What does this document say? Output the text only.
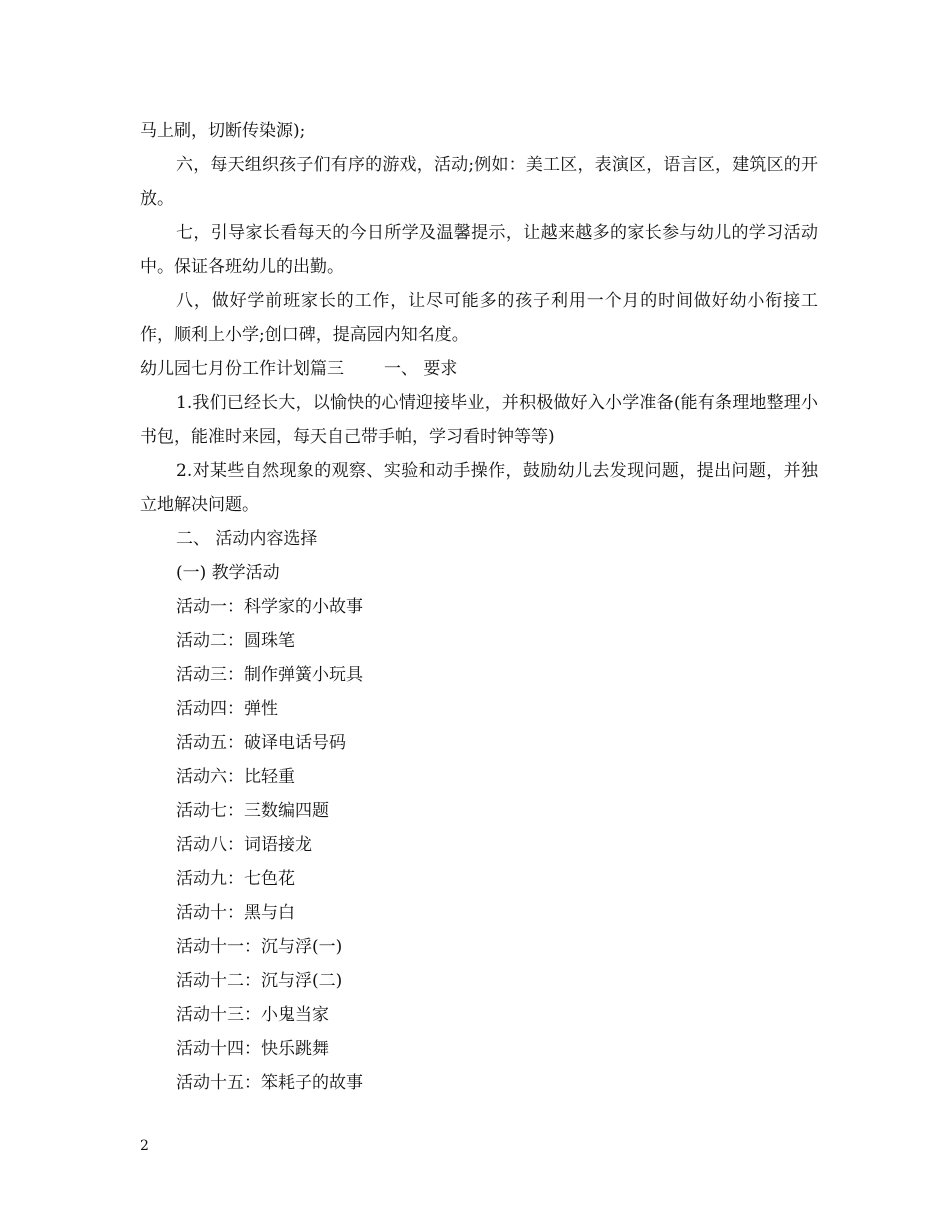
马上刷，切断传染源);

六，每天组织孩子们有序的游戏，活动;例如：美工区，表演区，语言区，建筑区的开放。

七，引导家长看每天的今日所学及温馨提示，让越来越多的家长参与幼儿的学习活动中。保证各班幼儿的出勤。

八，做好学前班家长的工作，让尽可能多的孩子利用一个月的时间做好幼小衔接工作，顺利上小学;创口碑，提高园内知名度。

幼儿园七月份工作计划篇三 一、 要求

1.我们已经长大，以愉快的心情迎接毕业，并积极做好入小学准备(能有条理地整理小书包，能准时来园，每天自己带手帕，学习看时钟等等)

2.对某些自然现象的观察、实验和动手操作，鼓励幼儿去发现问题，提出问题，并独立地解决问题。

二、 活动内容选择

(一) 教学活动

活动一：科学家的小故事

活动二：圆珠笔

活动三：制作弹簧小玩具

活动四：弹性

活动五：破译电话号码

活动六：比轻重

活动七：三数编四题

活动八：词语接龙

活动九：七色花

活动十：黑与白

活动十一：沉与浮(一)

活动十二：沉与浮(二)

活动十三：小鬼当家

活动十四：快乐跳舞

活动十五：笨耗子的故事

2
